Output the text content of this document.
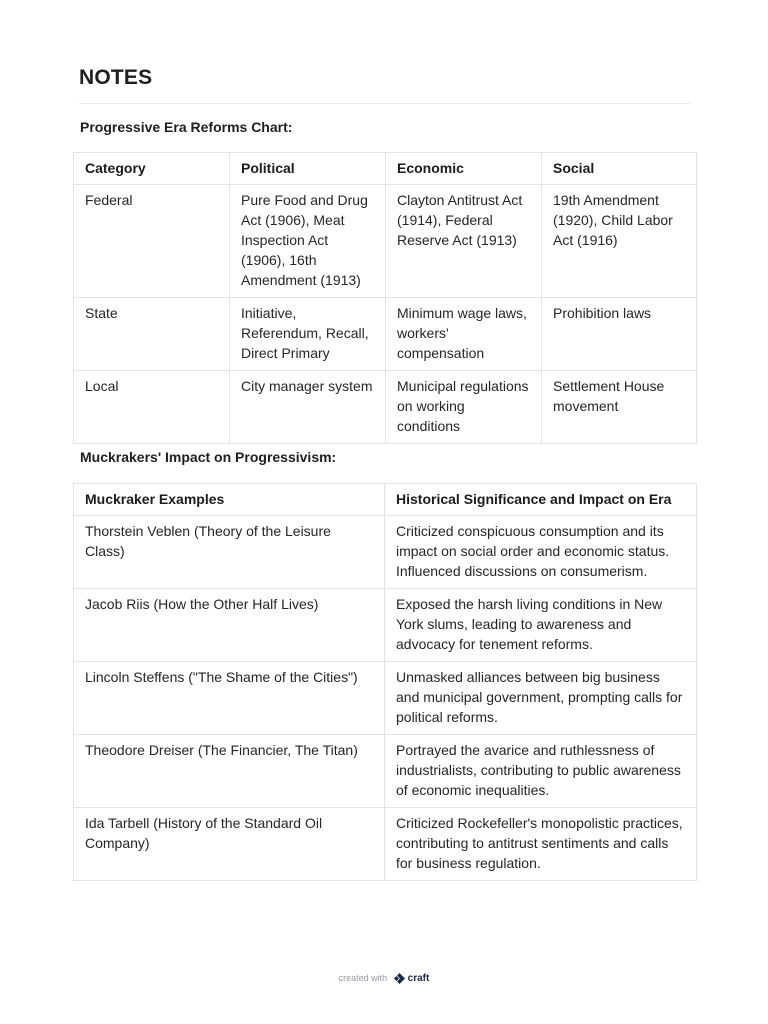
NOTES
Progressive Era Reforms Chart:
Category	Political	Economic	Social
Federal	Pure Food and Drug Act (1906), Meat Inspection Act (1906), 16th Amendment (1913)	Clayton Antitrust Act (1914), Federal Reserve Act (1913)	19th Amendment (1920), Child Labor Act (1916)
State	Initiative, Referendum, Recall, Direct Primary	Minimum wage laws, workers' compensation	Prohibition laws
Local	City manager system	Municipal regulations on working conditions	Settlement House movement
Muckrakers' Impact on Progressivism:
Muckraker Examples	Historical Significance and Impact on Era
Thorstein Veblen (Theory of the Leisure Class)	Criticized conspicuous consumption and its impact on social order and economic status. Influenced discussions on consumerism.
Jacob Riis (How the Other Half Lives)	Exposed the harsh living conditions in New York slums, leading to awareness and advocacy for tenement reforms.
Lincoln Steffens ("The Shame of the Cities")	Unmasked alliances between big business and municipal government, prompting calls for political reforms.
Theodore Dreiser (The Financier, The Titan)	Portrayed the avarice and ruthlessness of industrialists, contributing to public awareness of economic inequalities.
Ida Tarbell (History of the Standard Oil Company)	Criticized Rockefeller's monopolistic practices, contributing to antitrust sentiments and calls for business regulation.
created with craft
